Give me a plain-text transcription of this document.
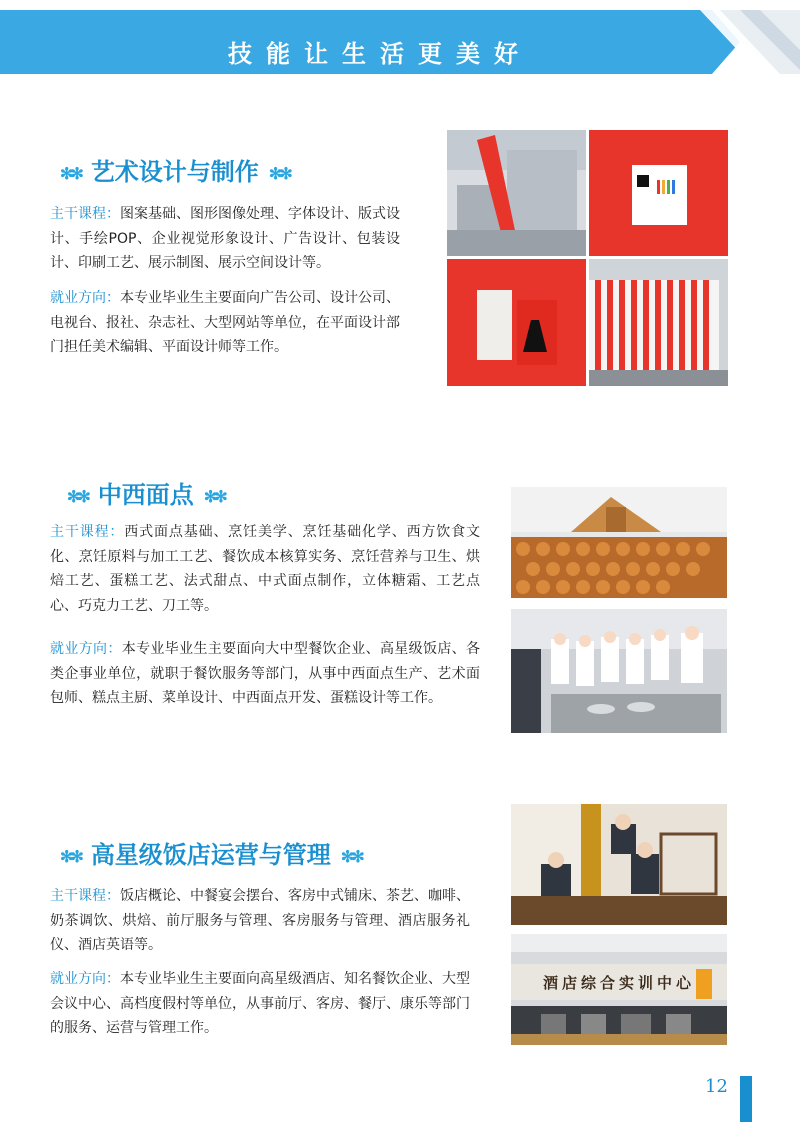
技能让生活更美好
✻✻ 艺术设计与制作 ✻✻
主干课程：图案基础、图形图像处理、字体设计、版式设计、手绘POP、企业视觉形象设计、广告设计、包装设计、印刷工艺、展示制图、展示空间设计等。
就业方向：本专业毕业生主要面向广告公司、设计公司、电视台、报社、杂志社、大型网站等单位，在平面设计部门担任美术编辑、平面设计师等工作。
✻✻ 中西面点 ✻✻
主干课程：西式面点基础、烹饪美学、烹饪基础化学、西方饮食文化、烹饪原料与加工工艺、餐饮成本核算实务、烹饪营养与卫生、烘焙工艺、蛋糕工艺、法式甜点、中式面点制作，立体糖霜、工艺点心、巧克力工艺、刀工等。
就业方向：本专业毕业生主要面向大中型餐饮企业、高星级饭店、各类企事业单位，就职于餐饮服务等部门，从事中西面点生产、艺术面包师、糕点主厨、菜单设计、中西面点开发、蛋糕设计等工作。
✻✻ 高星级饭店运营与管理 ✻✻
主干课程：饭店概论、中餐宴会摆台、客房中式铺床、茶艺、咖啡、奶茶调饮、烘焙、前厅服务与管理、客房服务与管理、酒店服务礼仪、酒店英语等。
就业方向：本专业毕业生主要面向高星级酒店、知名餐饮企业、大型会议中心、高档度假村等单位，从事前厅、客房、餐厅、康乐等部门的服务、运营与管理工作。
酒店综合实训中心
12
